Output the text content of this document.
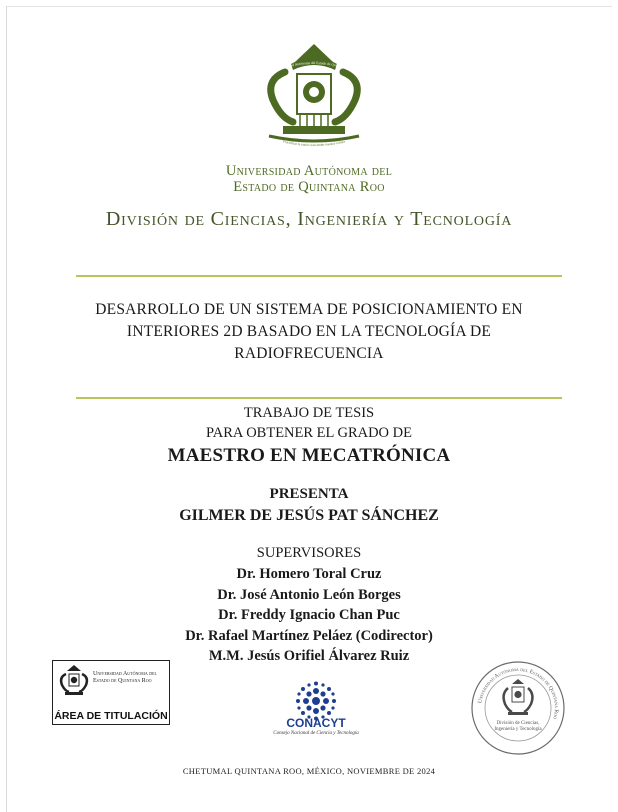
niversidad Autónoma del Estado de Quintana Ro
Fructificar la razón: trascender nuestra cultura
Universidad Autónoma del
Estado de Quintana Roo
División de Ciencias, Ingeniería y Tecnología
DESARROLLO DE UN SISTEMA DE POSICIONAMIENTO EN
INTERIORES 2D BASADO EN LA TECNOLOGÍA DE
RADIOFRECUENCIA
TRABAJO DE TESIS
PARA OBTENER EL GRADO DE
MAESTRO EN MECATRÓNICA
PRESENTA
GILMER DE JESÚS PAT SÁNCHEZ
SUPERVISORES
Dr. Homero Toral Cruz
Dr. José Antonio León Borges
Dr. Freddy Ignacio Chan Puc
Dr. Rafael Martínez Peláez (Codirector)
M.M. Jesús Orifiel Álvarez Ruiz
Universidad Autónoma del
Estado de Quintana Roo
ÁREA DE TITULACIÓN	CONACYT
Consejo Nacional de Ciencia y Tecnología
Universidad Autónoma del Estado de Quintana Roo
División de Ciencias,
Ingeniería y Tecnología
CHETUMAL QUINTANA ROO, MÉXICO, NOVIEMBRE DE 2024
